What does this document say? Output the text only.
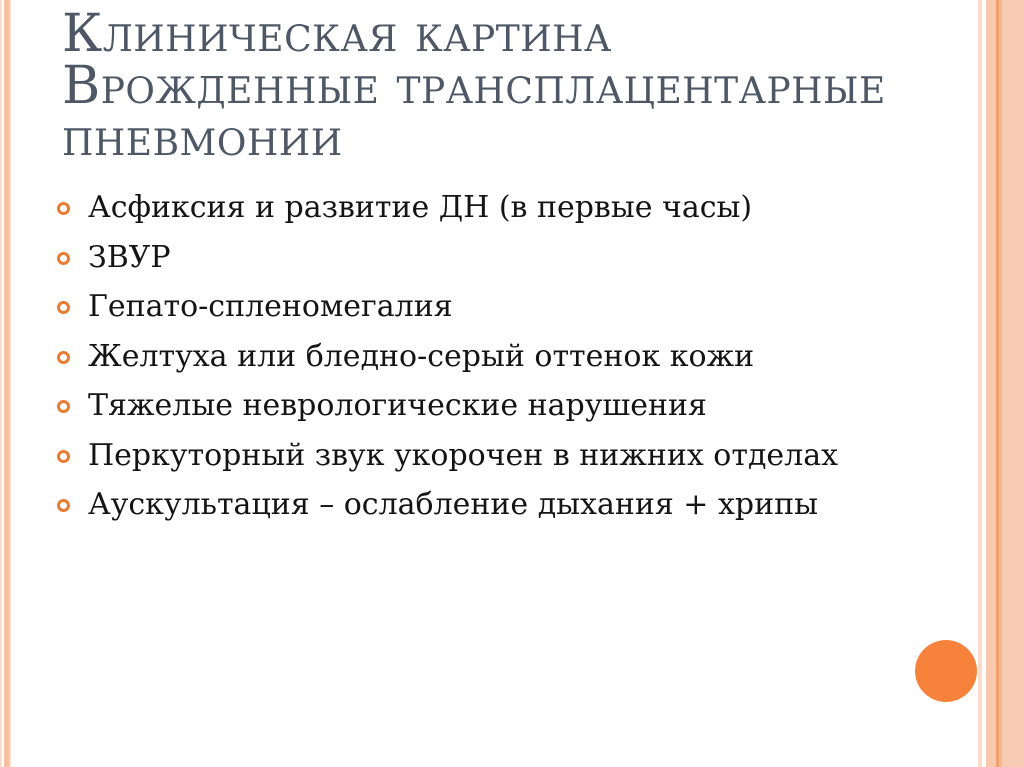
Клиническая картина
Врожденные трансплацентарные
пневмонии
Асфиксия и развитие ДН (в первые часы)
ЗВУР
Гепато-спленомегалия
Желтуха или бледно-серый оттенок кожи
Тяжелые неврологические нарушения
Перкуторный звук укорочен в нижних отделах
Аускультация – ослабление дыхания + хрипы
